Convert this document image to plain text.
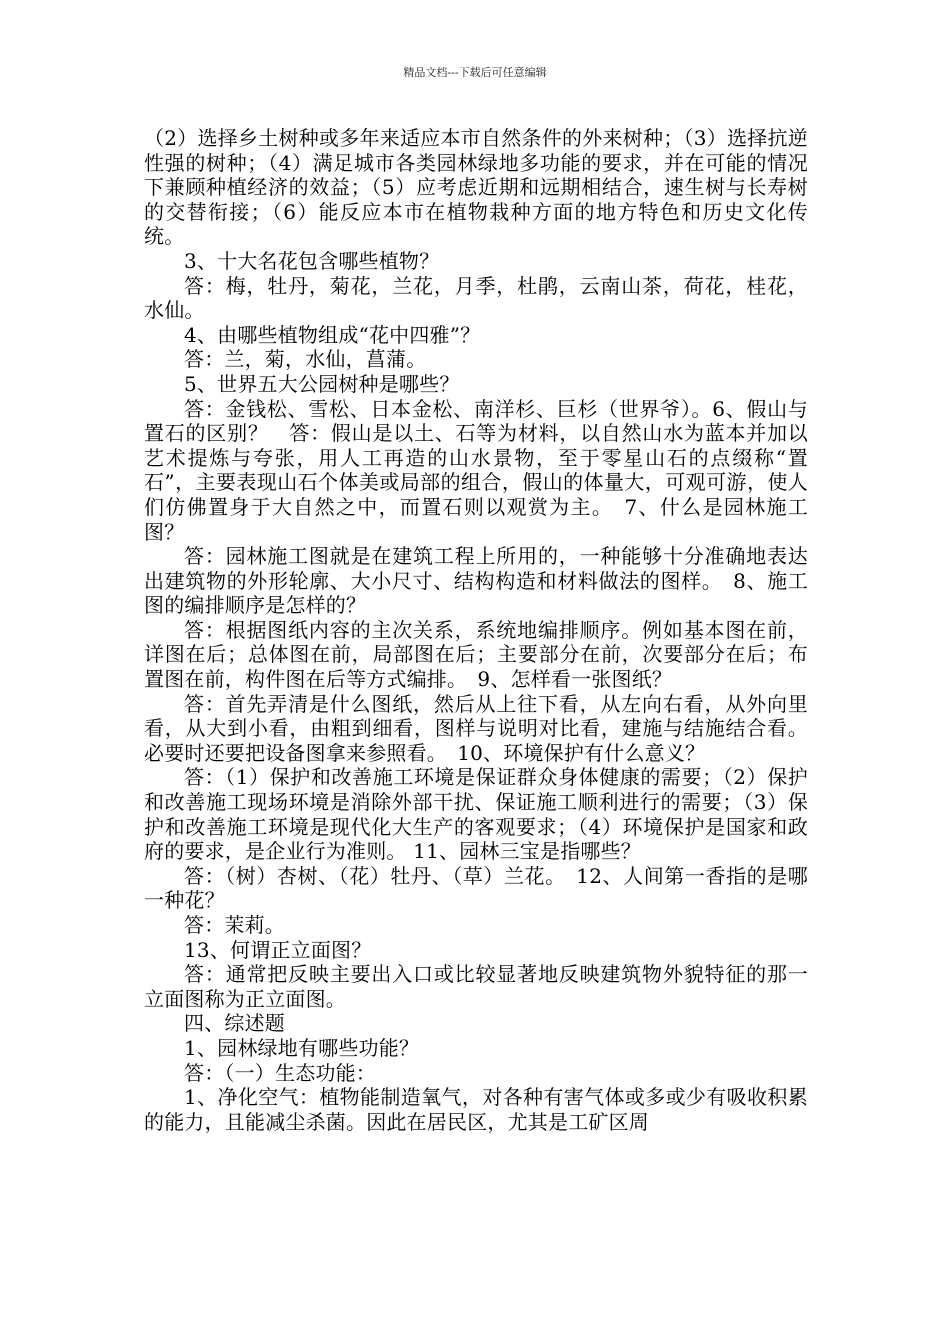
精品文档---下载后可任意编辑

（2）选择乡土树种或多年来适应本市自然条件的外来树种；（3）选择抗逆性强的树种；（4）满足城市各类园林绿地多功能的要求，并在可能的情况下兼顾种植经济的效益；（5）应考虑近期和远期相结合，速生树与长寿树的交替衔接；（6）能反应本市在植物栽种方面的地方特色和历史文化传统。

3、十大名花包含哪些植物？

答：梅，牡丹，菊花，兰花，月季，杜鹃，云南山茶，荷花，桂花，水仙。

4、由哪些植物组成“花中四雅”？

答：兰，菊，水仙，菖蒲。

5、世界五大公园树种是哪些？

答：金钱松、雪松、日本金松、南洋杉、巨杉（世界爷）。6、假山与置石的区别？　答：假山是以土、石等为材料，以自然山水为蓝本并加以艺术提炼与夸张，用人工再造的山水景物，至于零星山石的点缀称“置石”，主要表现山石个体美或局部的组合，假山的体量大，可观可游，使人们仿佛置身于大自然之中，而置石则以观赏为主。　7、什么是园林施工图？

答：园林施工图就是在建筑工程上所用的，一种能够十分准确地表达出建筑物的外形轮廓、大小尺寸、结构构造和材料做法的图样。　8、施工图的编排顺序是怎样的？

答：根据图纸内容的主次关系，系统地编排顺序。例如基本图在前，详图在后；总体图在前，局部图在后；主要部分在前，次要部分在后；布置图在前，构件图在后等方式编排。　9、怎样看一张图纸？

答：首先弄清是什么图纸，然后从上往下看，从左向右看，从外向里看，从大到小看，由粗到细看，图样与说明对比看，建施与结施结合看。必要时还要把设备图拿来参照看。　10、环境保护有什么意义？

答：（1）保护和改善施工环境是保证群众身体健康的需要；（2）保护和改善施工现场环境是消除外部干扰、保证施工顺利进行的需要；（3）保护和改善施工环境是现代化大生产的客观要求；（4）环境保护是国家和政府的要求，是企业行为准则。 11、园林三宝是指哪些？

答：（树）杏树、（花）牡丹、（草）兰花。　12、人间第一香指的是哪一种花？

答：茉莉。

13、何谓正立面图？

答：通常把反映主要出入口或比较显著地反映建筑物外貌特征的那一立面图称为正立面图。

四、综述题

1、园林绿地有哪些功能？

答：（一）生态功能：

1、净化空气：植物能制造氧气，对各种有害气体或多或少有吸收积累的能力，且能减尘杀菌。因此在居民区，尤其是工矿区周
